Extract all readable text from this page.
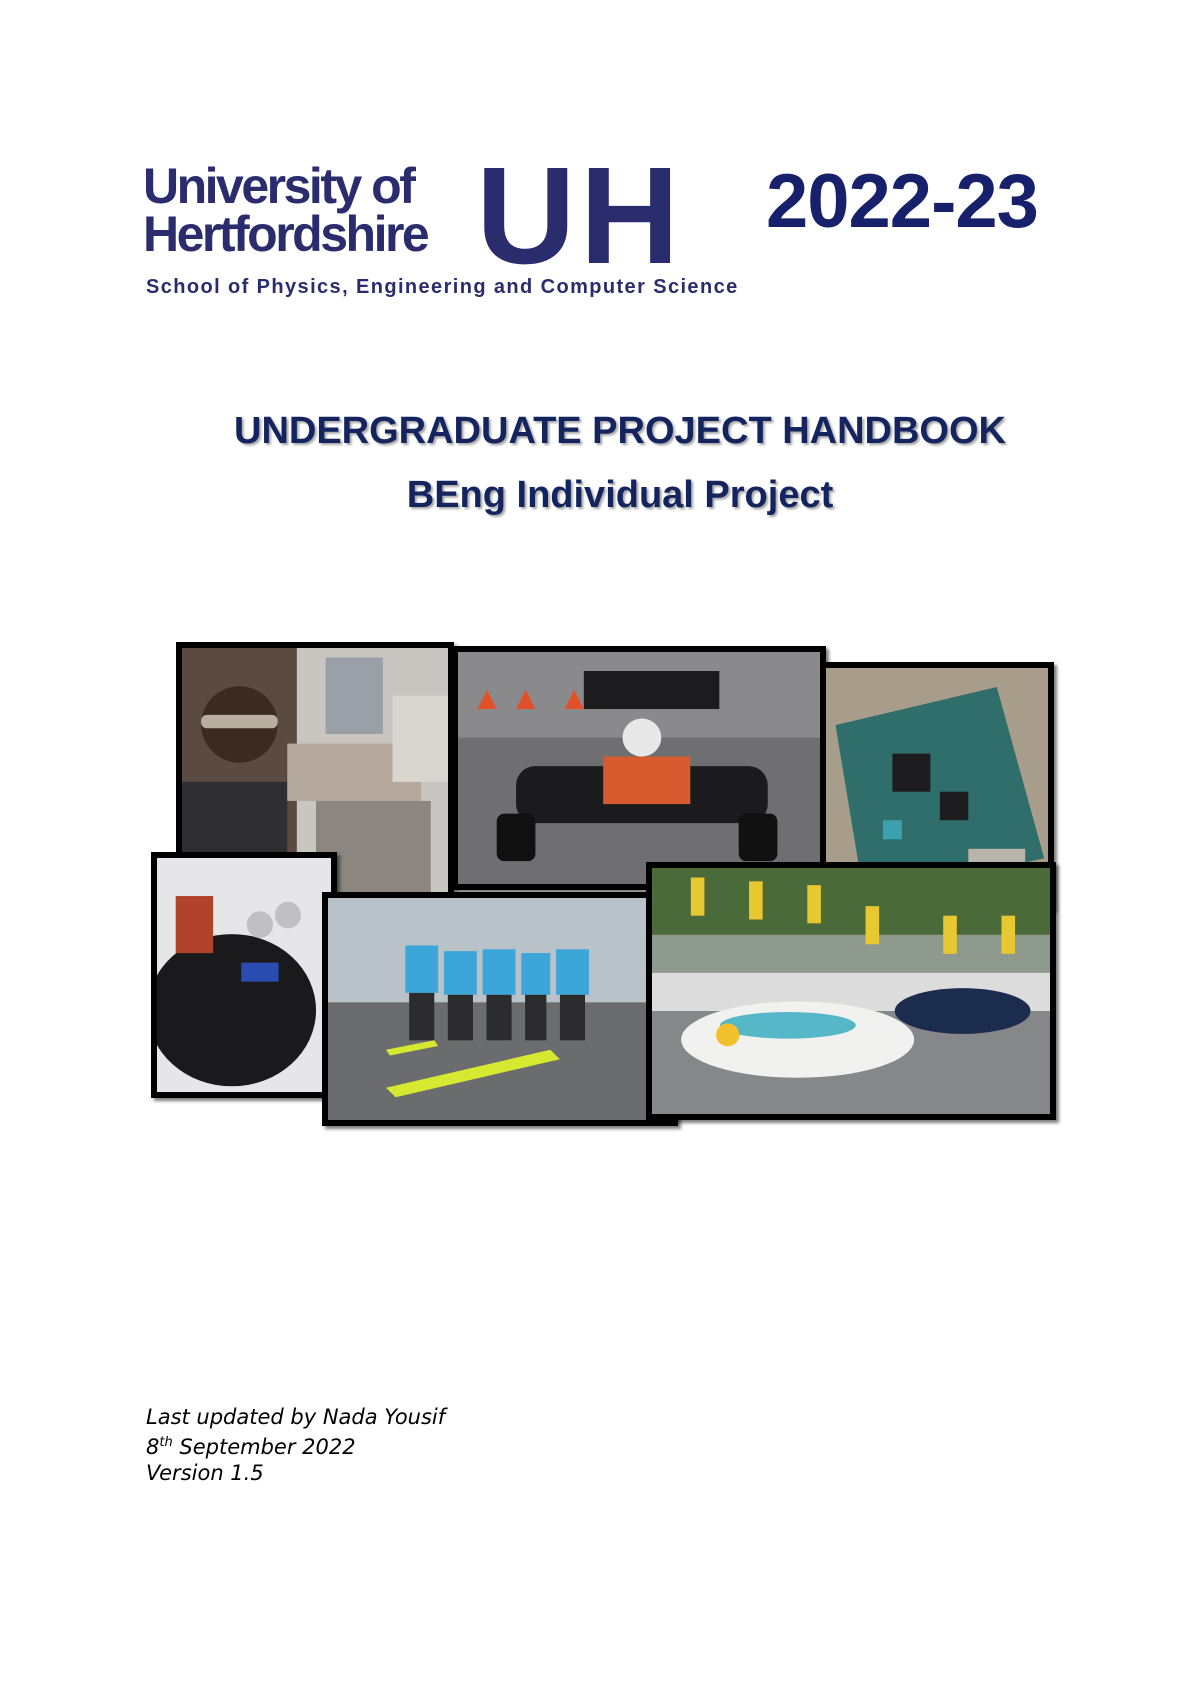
University of
Hertfordshire U H
School of Physics, Engineering and Computer Science
2022-23
UNDERGRADUATE PROJECT HANDBOOK
BEng Individual Project
Last updated by Nada Yousif
8th September 2022
Version 1.5
